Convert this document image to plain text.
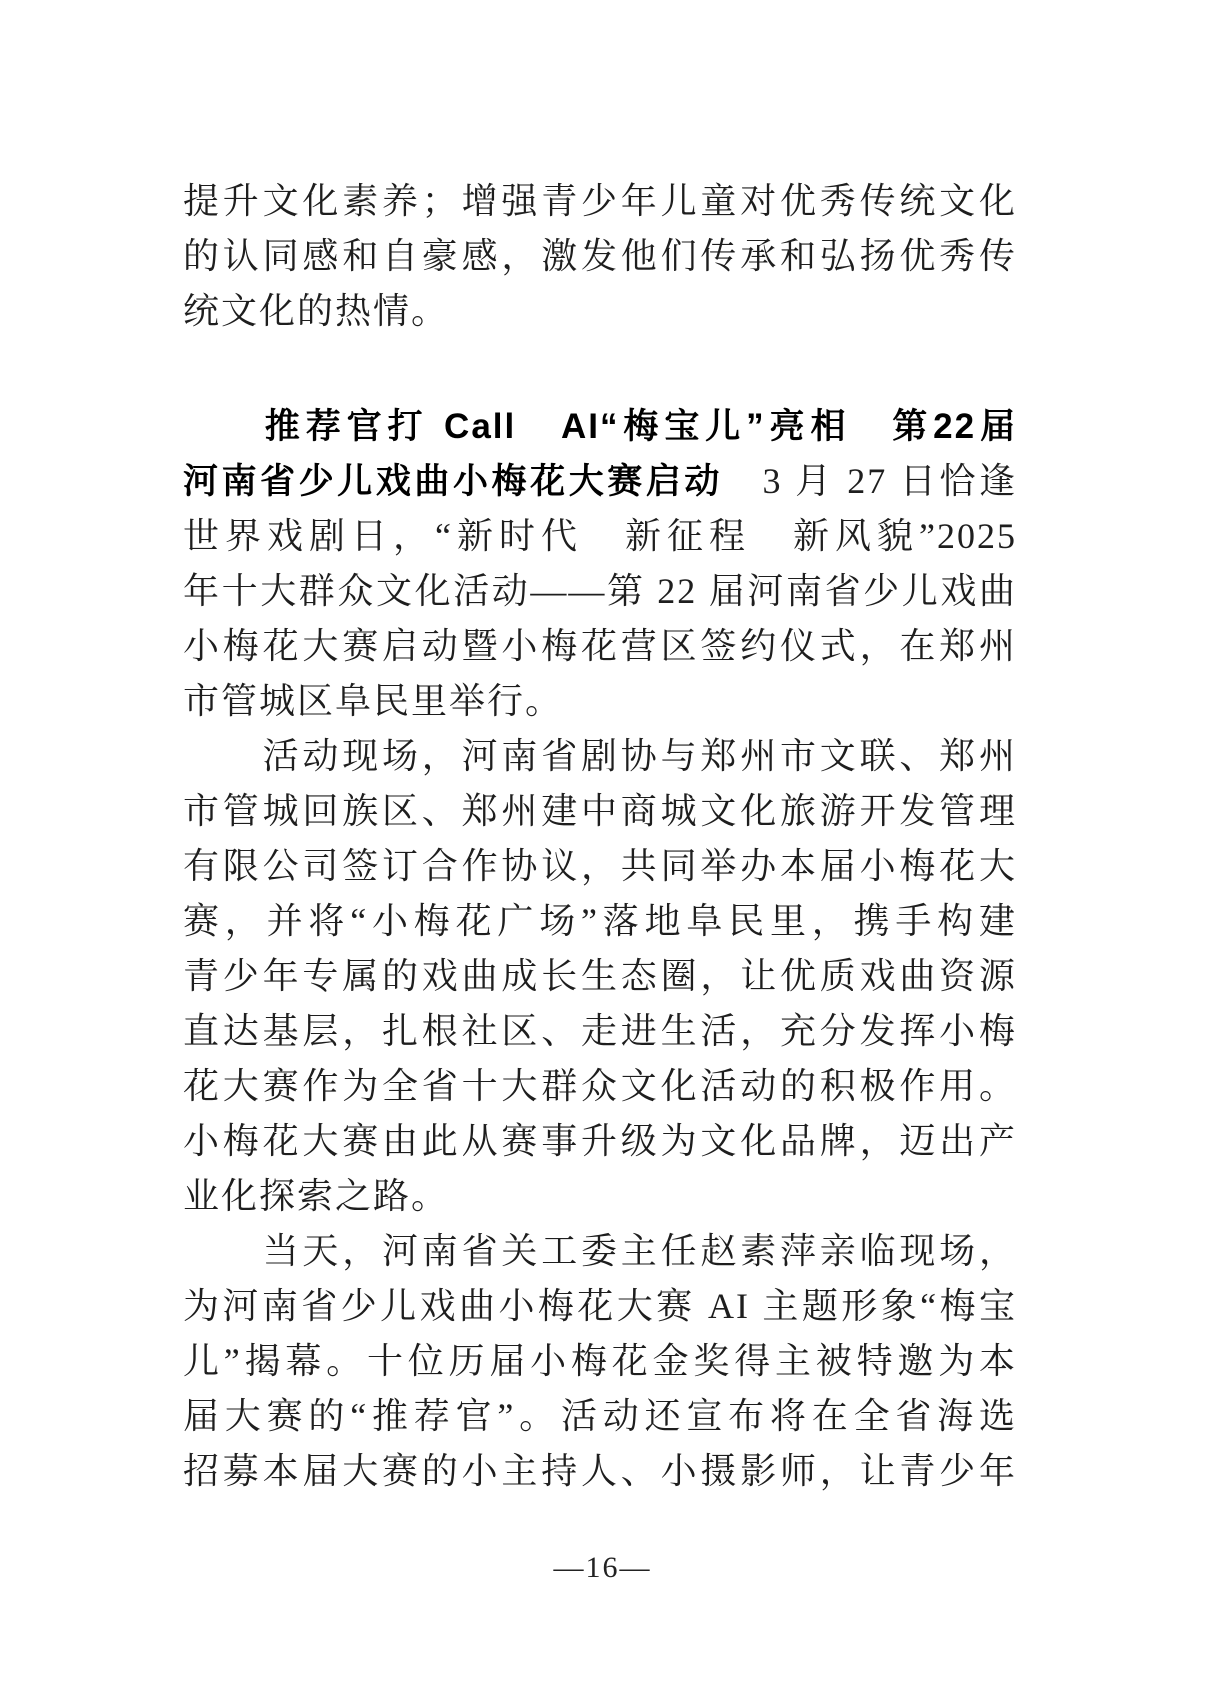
提升文化素养；增强青少年儿童对优秀传统文化
的认同感和自豪感，激发他们传承和弘扬优秀传
统文化的热情。
　　推荐官打 Call　AI“梅宝儿”亮相　第22届
河南省少儿戏曲小梅花大赛启动　3 月 27 日恰逢
世界戏剧日，“新时代　新征程　新风貌”2025
年十大群众文化活动——第 22 届河南省少儿戏曲
小梅花大赛启动暨小梅花营区签约仪式，在郑州
市管城区阜民里举行。
　　活动现场，河南省剧协与郑州市文联、郑州
市管城回族区、郑州建中商城文化旅游开发管理
有限公司签订合作协议，共同举办本届小梅花大
赛，并将“小梅花广场”落地阜民里，携手构建
青少年专属的戏曲成长生态圈，让优质戏曲资源
直达基层，扎根社区、走进生活，充分发挥小梅
花大赛作为全省十大群众文化活动的积极作用。
小梅花大赛由此从赛事升级为文化品牌，迈出产
业化探索之路。
　　当天，河南省关工委主任赵素萍亲临现场，
为河南省少儿戏曲小梅花大赛 AI 主题形象“梅宝
儿”揭幕。十位历届小梅花金奖得主被特邀为本
届大赛的“推荐官”。活动还宣布将在全省海选
招募本届大赛的小主持人、小摄影师，让青少年
—16—
